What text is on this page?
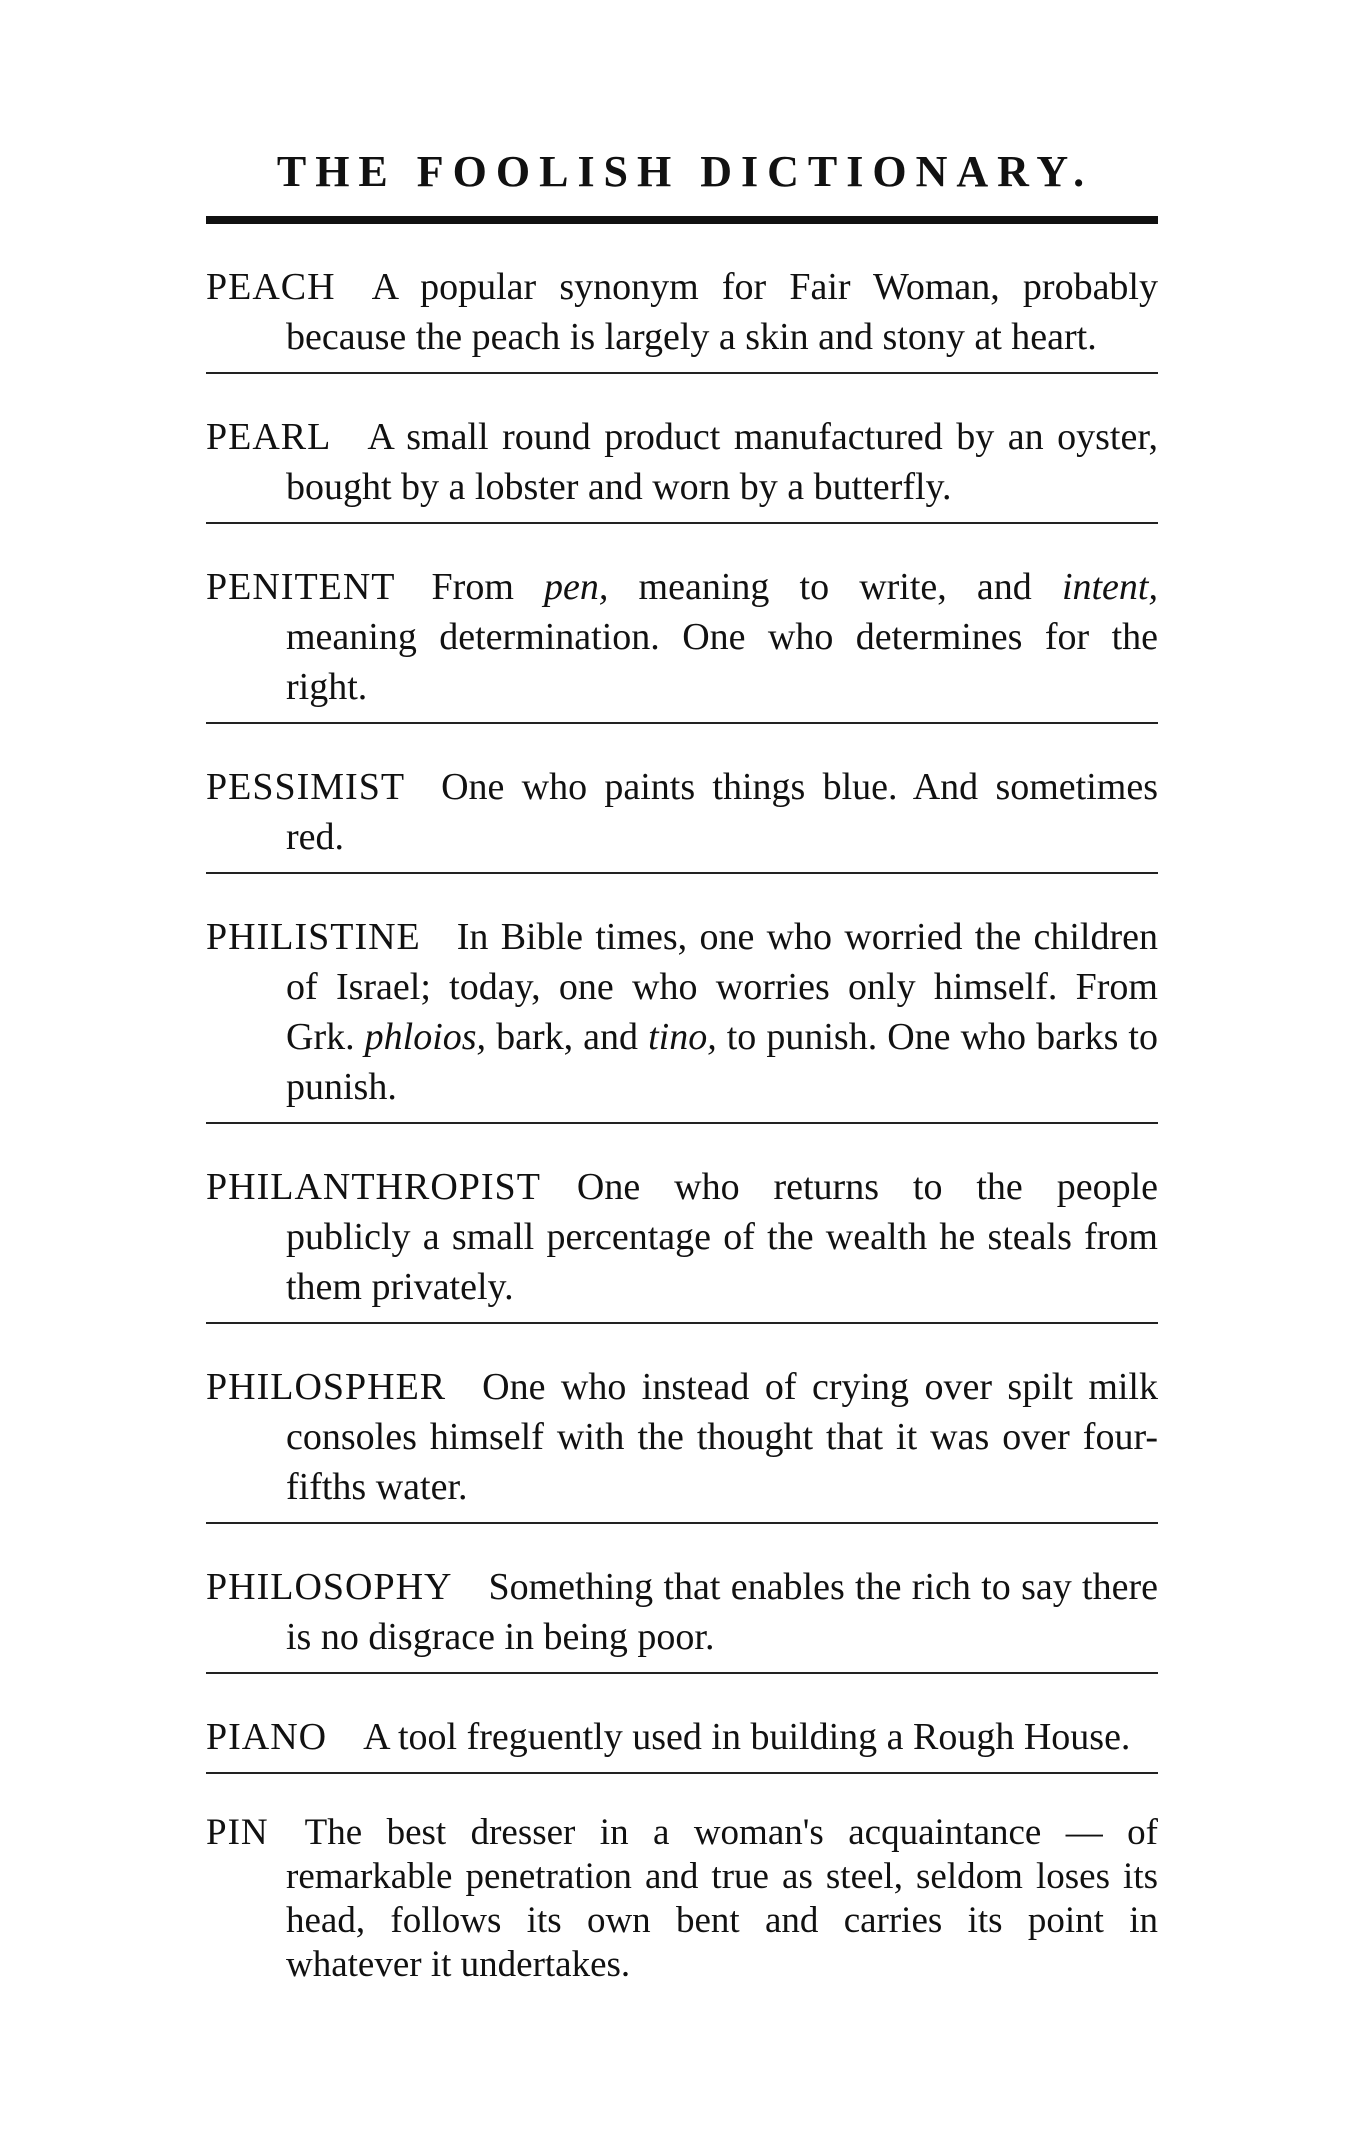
THE FOOLISH DICTIONARY.

PEACH A popular synonym for Fair Woman, probably because the peach is largely a skin and stony at heart.

PEARL A small round product manufactured by an oyster, bought by a lobster and worn by a butterfly.

PENITENT From pen, meaning to write, and intent, meaning determination. One who determines for the right.

PESSIMIST One who paints things blue. And sometimes red.

PHILISTINE In Bible times, one who worried the children of Israel; today, one who worries only himself. From Grk. phloios, bark, and tino, to punish. One who barks to punish.

PHILANTHROPIST One who returns to the people publicly a small percentage of the wealth he steals from them privately.

PHILOSPHER One who instead of crying over spilt milk consoles himself with the thought that it was over four-fifths water.

PHILOSOPHY Something that enables the rich to say there is no disgrace in being poor.

PIANO A tool freguently used in building a Rough House.

PIN The best dresser in a woman's acquaintance — of remarkable penetration and true as steel, seldom loses its head, follows its own bent and carries its point in whatever it undertakes.
